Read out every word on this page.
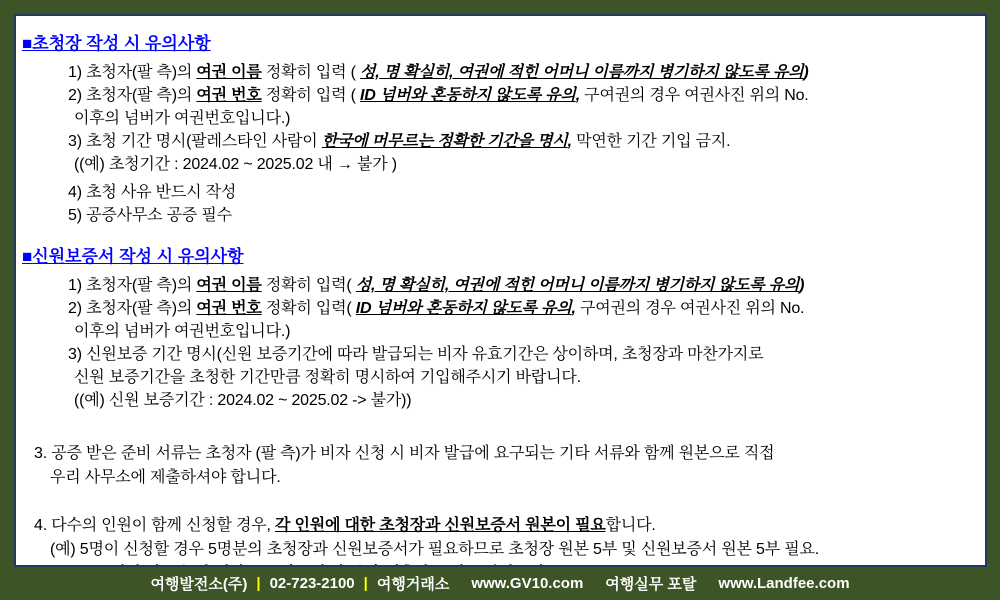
■초청장 작성 시 유의사항
1) 초청자(팔 측)의 여권 이름 정확히 입력 ( 성, 명 확실히, 여권에 적힌 어머니 이름까지 병기하지 않도록 유의)
2) 초청자(팔 측)의 여권 번호 정확히 입력 ( ID 넘버와 혼동하지 않도록 유의, 구여권의 경우 여권사진 위의 No.
이후의 넘버가 여권번호입니다.)
3) 초청 기간 명시(팔레스타인 사람이 한국에 머무르는 정확한 기간을 명시, 막연한 기간 기입 금지.
((예) 초청기간 : 2024.02 ~ 2025.02 내 → 불가 )
4) 초청 사유 반드시 작성
5) 공증사무소 공증 필수
■신원보증서 작성 시 유의사항
1) 초청자(팔 측)의 여권 이름 정확히 입력( 성, 명 확실히, 여권에 적힌 어머니 이름까지 병기하지 않도록 유의)
2) 초청자(팔 측)의 여권 번호 정확히 입력( ID 넘버와 혼동하지 않도록 유의, 구여권의 경우 여권사진 위의 No.
이후의 넘버가 여권번호입니다.)
3) 신원보증 기간 명시(신원 보증기간에 따라 발급되는 비자 유효기간은 상이하며, 초청장과 마찬가지로
신원 보증기간을 초청한 기간만큼 정확히 명시하여 기입해주시기 바랍니다.
((예) 신원 보증기간 : 2024.02 ~ 2025.02 -> 불가))
3. 공증 받은 준비 서류는 초청자 (팔 측)가 비자 신청 시 비자 발급에 요구되는 기타 서류와 함께 원본으로 직접
우리 사무소에 제출하셔야 합니다.
4. 다수의 인원이 함께 신청할 경우, 각 인원에 대한 초청장과 신원보증서 원본이 필요합니다.
(예) 5명이 신청할 경우 5명분의 초청장과 신원보증서가 필요하므로 초청장 원본 5부 및 신원보증서 원본 5부 필요.
여행발전소(주) | 02-723-2100 | 여행거래소 www.GV10.com 여행실무 포탈 www.Landfee.com
